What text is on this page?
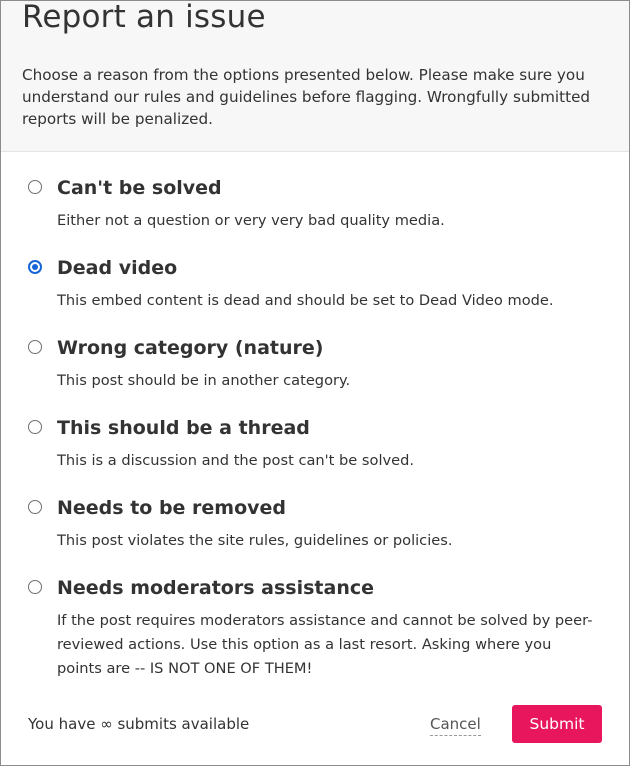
Report an issue

Choose a reason from the options presented below. Please make sure you understand our rules and guidelines before flagging. Wrongfully submitted reports will be penalized.

Can't be solved
Either not a question or very very bad quality media.
Dead video
This embed content is dead and should be set to Dead Video mode.
Wrong category (nature)
This post should be in another category.
This should be a thread
This is a discussion and the post can't be solved.
Needs to be removed
This post violates the site rules, guidelines or policies.
Needs moderators assistance
If the post requires moderators assistance and cannot be solved by peer-reviewed actions. Use this option as a last resort. Asking where you points are -- IS NOT ONE OF THEM!
You have ∞ submits available	Cancel	Submit
